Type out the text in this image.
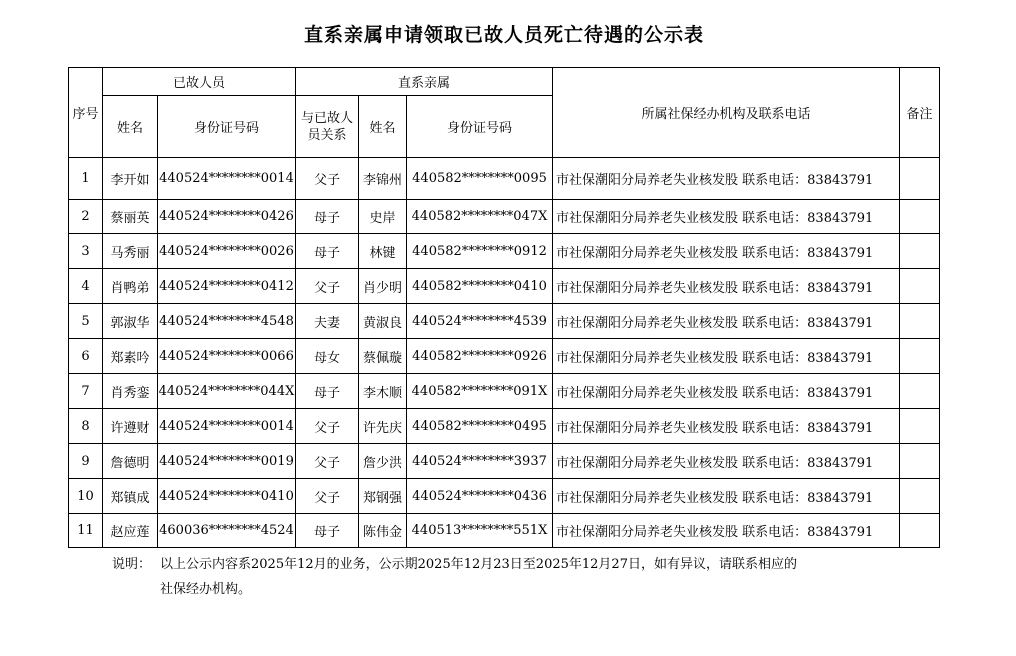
直系亲属申请领取已故人员死亡待遇的公示表
序号	已故人员		直系亲属			所属社保经办机构及联系电话	备注
	姓名	身份证号码	与已故人员关系	姓名	身份证号码		
1	李开如	440524********0014	父子	李锦州	440582********0095	市社保潮阳分局养老失业核发股 联系电话：83843791	
2	蔡丽英	440524********0426	母子	史岸	440582********047X	市社保潮阳分局养老失业核发股 联系电话：83843791	
3	马秀丽	440524********0026	母子	林键	440582********0912	市社保潮阳分局养老失业核发股 联系电话：83843791	
4	肖鸭弟	440524********0412	父子	肖少明	440582********0410	市社保潮阳分局养老失业核发股 联系电话：83843791	
5	郭淑华	440524********4548	夫妻	黄淑良	440524********4539	市社保潮阳分局养老失业核发股 联系电话：83843791	
6	郑素吟	440524********0066	母女	蔡佩璇	440582********0926	市社保潮阳分局养老失业核发股 联系电话：83843791	
7	肖秀銮	440524********044X	母子	李木顺	440582********091X	市社保潮阳分局养老失业核发股 联系电话：83843791	
8	许遵财	440524********0014	父子	许先庆	440582********0495	市社保潮阳分局养老失业核发股 联系电话：83843791	
9	詹德明	440524********0019	父子	詹少洪	440524********3937	市社保潮阳分局养老失业核发股 联系电话：83843791	
10	郑镇成	440524********0410	父子	郑钢强	440524********0436	市社保潮阳分局养老失业核发股 联系电话：83843791	
11	赵应莲	460036********4524	母子	陈伟金	440513********551X	市社保潮阳分局养老失业核发股 联系电话：83843791	
说明： 以上公示内容系2025年12月的业务，公示期2025年12月23日至2025年12月27日，如有异议，请联系相应的
社保经办机构。
